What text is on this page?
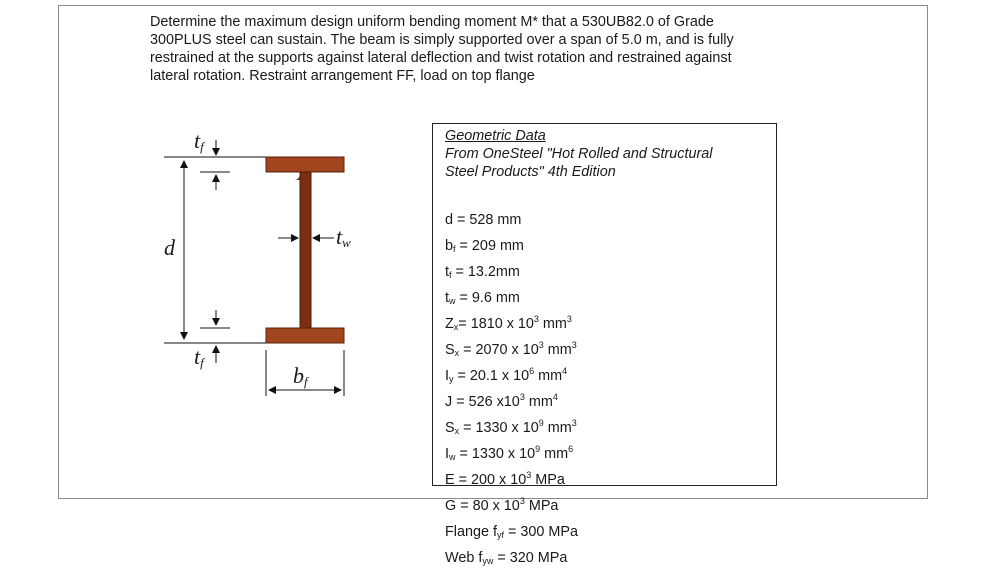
Determine the maximum design uniform bending moment M* that a 530UB82.0 of Grade
300PLUS steel can sustain. The beam is simply supported over a span of 5.0 m, and is fully
restrained at the supports against lateral deflection and twist rotation and restrained against
lateral rotation. Restraint arrangement FF, load on top flange

d
$t_f$
$t_f$
$t_w$
$b_f$
Geometric Data
From OneSteel "Hot Rolled and Structural
Steel Products" 4th Edition
d = 528 mm
$b_f = 209$ mm
$t_f = 13.2mm$
$t_w = 9.6$ mm
$Z_x= 1810$ x $10^3$ $mm^3$
$S_x = 2070$ x $10^3$ $mm^3$
$I_y = 20.1$ x $10^6$ $mm^4$
J = 526 $x10^3$ $mm^4$
$S_x = 1330$ x $10^9$ $mm^3$
$I_w = 1330$ x $10^9$ $mm^6$
E = 200 x $10^3$ MPa
G = 80 x $10^3$ MPa
Flange $f_{yf} = 300$ MPa
Web $f_{yw} = 320$ MPa
